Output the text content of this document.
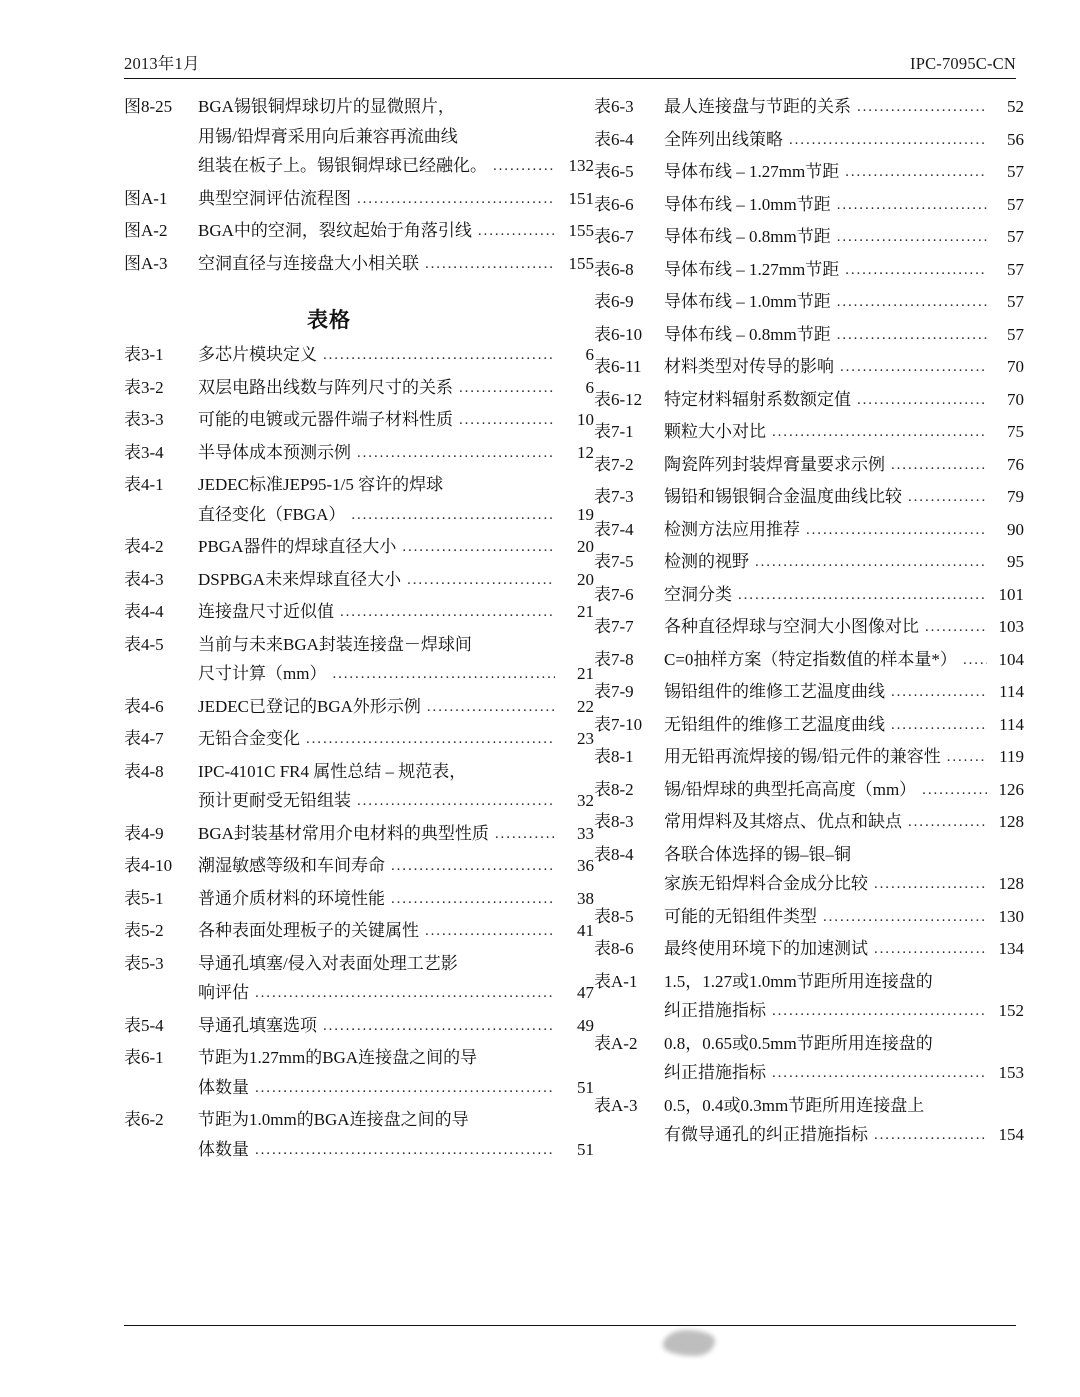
2013年1月	IPC-7095C-CN
图8-25	BGA锡银铜焊球切片的显微照片，
用锡/铅焊膏采用向后兼容再流曲线
组装在板子上。锡银铜焊球已经融化。 .....	132
图A-1	典型空洞评估流程图 .....	151
图A-2	BGA中的空洞，裂纹起始于角落引线 .....	155
图A-3	空洞直径与连接盘大小相关联 .....	155
表格
表3-1	多芯片模块定义 .....	6
表3-2	双层电路出线数与阵列尺寸的关系 .....	6
表3-3	可能的电镀或元器件端子材料性质 .....	10
表3-4	半导体成本预测示例 .....	12
表4-1	JEDEC标准JEP95-1/5 容许的焊球
直径变化（FBGA） .....	19
表4-2	PBGA器件的焊球直径大小 .....	20
表4-3	DSPBGA未来焊球直径大小 .....	20
表4-4	连接盘尺寸近似值 .....	21
表4-5	当前与未来BGA封装连接盘－焊球间
尺寸计算（mm） .....	21
表4-6	JEDEC已登记的BGA外形示例 .....	22
表4-7	无铅合金变化 .....	23
表4-8	IPC-4101C FR4 属性总结 – 规范表，
预计更耐受无铅组装 .....	32
表4-9	BGA封装基材常用介电材料的典型性质 .....	33
表4-10	潮湿敏感等级和车间寿命 .....	36
表5-1	普通介质材料的环境性能 .....	38
表5-2	各种表面处理板子的关键属性 .....	41
表5-3	导通孔填塞/侵入对表面处理工艺影
响评估 .....	47
表5-4	导通孔填塞选项 .....	49
表6-1	节距为1.27mm的BGA连接盘之间的导
体数量 .....	51
表6-2	节距为1.0mm的BGA连接盘之间的导
体数量 .....	51
表6-3	最人连接盘与节距的关系 .....	52
表6-4	全阵列出线策略 .....	56
表6-5	导体布线 – 1.27mm节距 .....	57
表6-6	导体布线 – 1.0mm节距 .....	57
表6-7	导体布线 – 0.8mm节距 .....	57
表6-8	导体布线 – 1.27mm节距 .....	57
表6-9	导体布线 – 1.0mm节距 .....	57
表6-10	导体布线 – 0.8mm节距 .....	57
表6-11	材料类型对传导的影响 .....	70
表6-12	特定材料辐射系数额定值 .....	70
表7-1	颗粒大小对比 .....	75
表7-2	陶瓷阵列封装焊膏量要求示例 .....	76
表7-3	锡铅和锡银铜合金温度曲线比较 .....	79
表7-4	检测方法应用推荐 .....	90
表7-5	检测的视野 .....	95
表7-6	空洞分类 .....	101
表7-7	各种直径焊球与空洞大小图像对比 .....	103
表7-8	C=0抽样方案（特定指数值的样本量*） .....	104
表7-9	锡铅组件的维修工艺温度曲线 .....	114
表7-10	无铅组件的维修工艺温度曲线 .....	114
表8-1	用无铅再流焊接的锡/铅元件的兼容性 .....	119
表8-2	锡/铅焊球的典型托高高度（mm） .....	126
表8-3	常用焊料及其熔点、优点和缺点 .....	128
表8-4	各联合体选择的锡–银–铜
家族无铅焊料合金成分比较 .....	128
表8-5	可能的无铅组件类型 .....	130
表8-6	最终使用环境下的加速测试 .....	134
表A-1	1.5，1.27或1.0mm节距所用连接盘的
纠正措施指标 .....	152
表A-2	0.8，0.65或0.5mm节距所用连接盘的
纠正措施指标 .....	153
表A-3	0.5，0.4或0.3mm节距所用连接盘上
有微导通孔的纠正措施指标 .....	154
